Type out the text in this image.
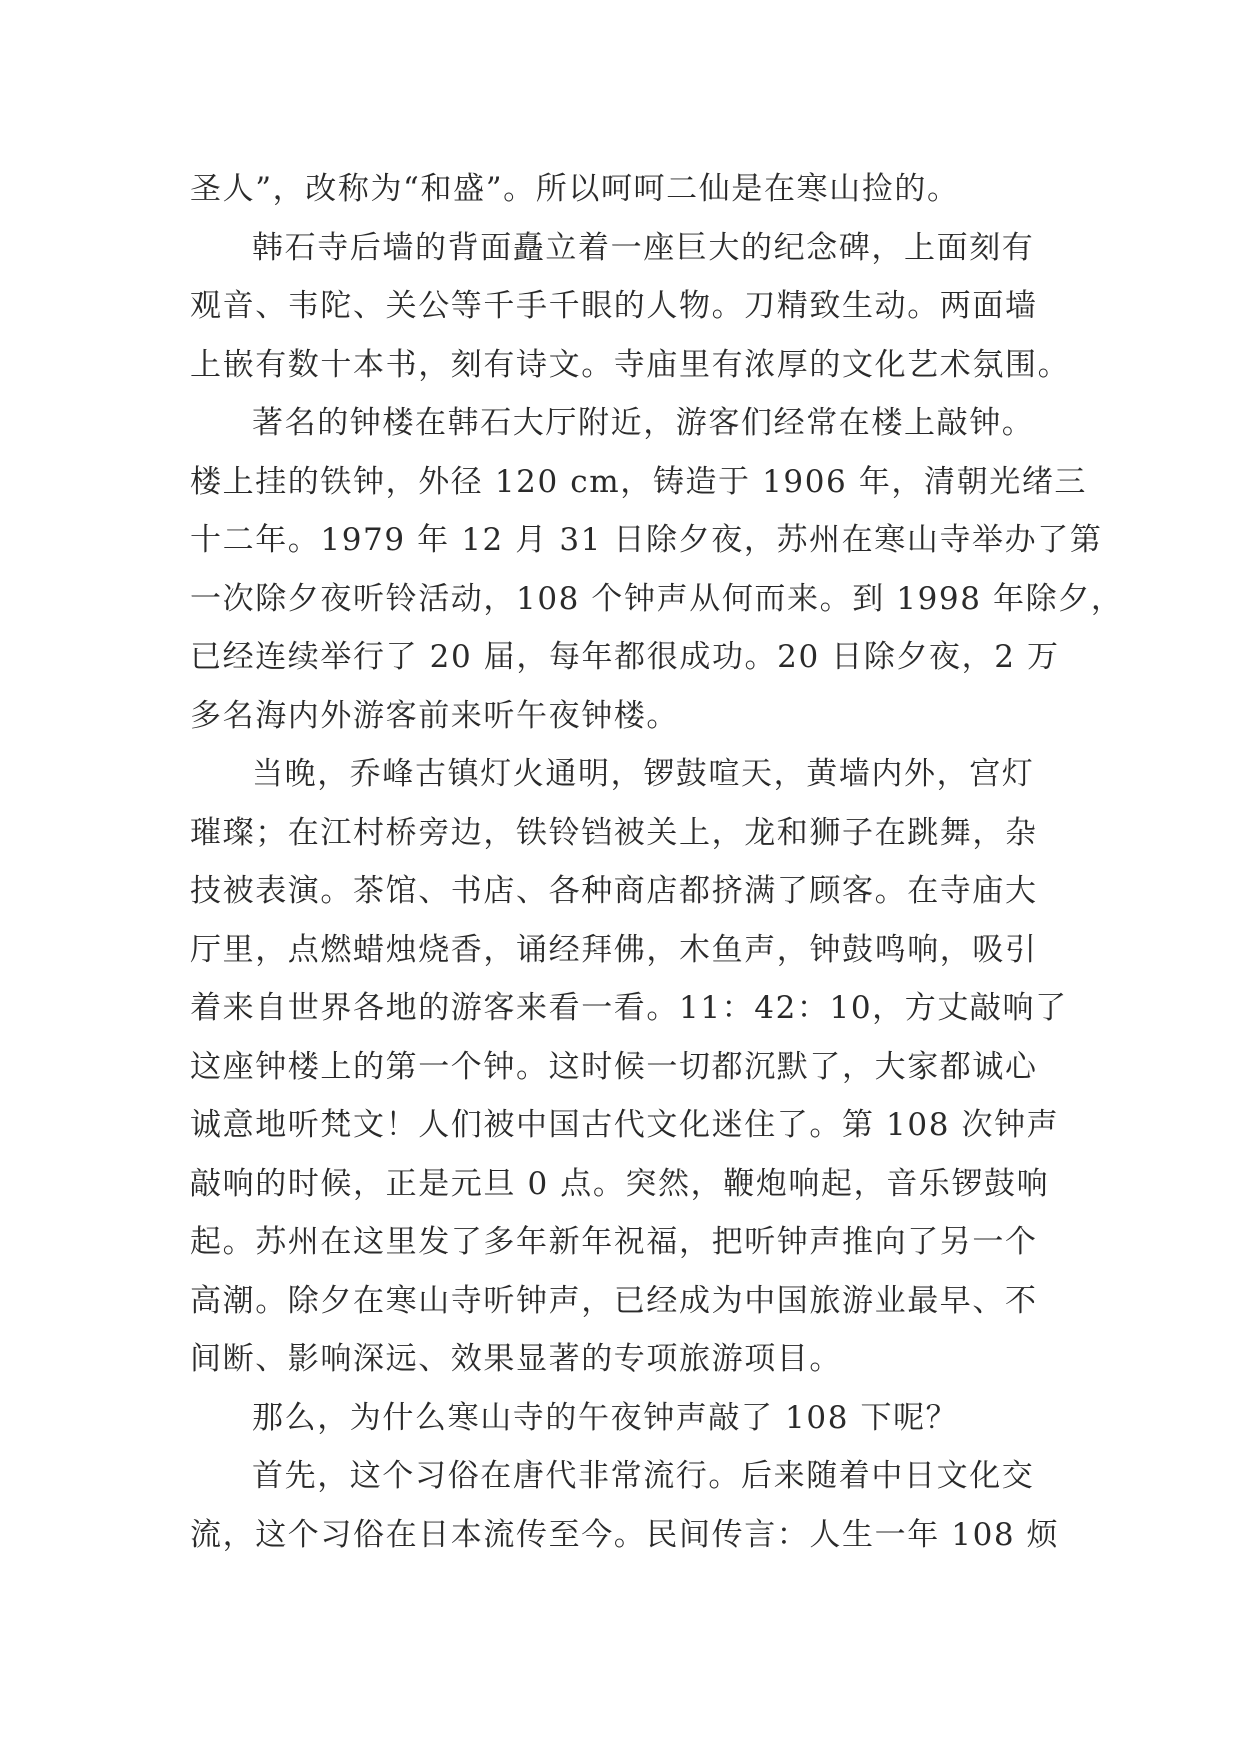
圣人”，改称为“和盛”。所以呵呵二仙是在寒山捡的。
韩石寺后墙的背面矗立着一座巨大的纪念碑，上面刻有
观音、韦陀、关公等千手千眼的人物。刀精致生动。两面墙
上嵌有数十本书，刻有诗文。寺庙里有浓厚的文化艺术氛围。
著名的钟楼在韩石大厅附近，游客们经常在楼上敲钟。
楼上挂的铁钟，外径 120 cm，铸造于 1906 年，清朝光绪三
十二年。1979 年 12 月 31 日除夕夜，苏州在寒山寺举办了第
一次除夕夜听铃活动，108 个钟声从何而来。到 1998 年除夕，
已经连续举行了 20 届，每年都很成功。20 日除夕夜，2 万
多名海内外游客前来听午夜钟楼。
当晚，乔峰古镇灯火通明，锣鼓喧天，黄墙内外，宫灯
璀璨；在江村桥旁边，铁铃铛被关上，龙和狮子在跳舞，杂
技被表演。茶馆、书店、各种商店都挤满了顾客。在寺庙大
厅里，点燃蜡烛烧香，诵经拜佛，木鱼声，钟鼓鸣响，吸引
着来自世界各地的游客来看一看。11：42：10，方丈敲响了
这座钟楼上的第一个钟。这时候一切都沉默了，大家都诚心
诚意地听梵文！人们被中国古代文化迷住了。第 108 次钟声
敲响的时候，正是元旦 0 点。突然，鞭炮响起，音乐锣鼓响
起。苏州在这里发了多年新年祝福，把听钟声推向了另一个
高潮。除夕在寒山寺听钟声，已经成为中国旅游业最早、不
间断、影响深远、效果显著的专项旅游项目。
那么，为什么寒山寺的午夜钟声敲了 108 下呢？
首先，这个习俗在唐代非常流行。后来随着中日文化交
流，这个习俗在日本流传至今。民间传言：人生一年 108 烦
